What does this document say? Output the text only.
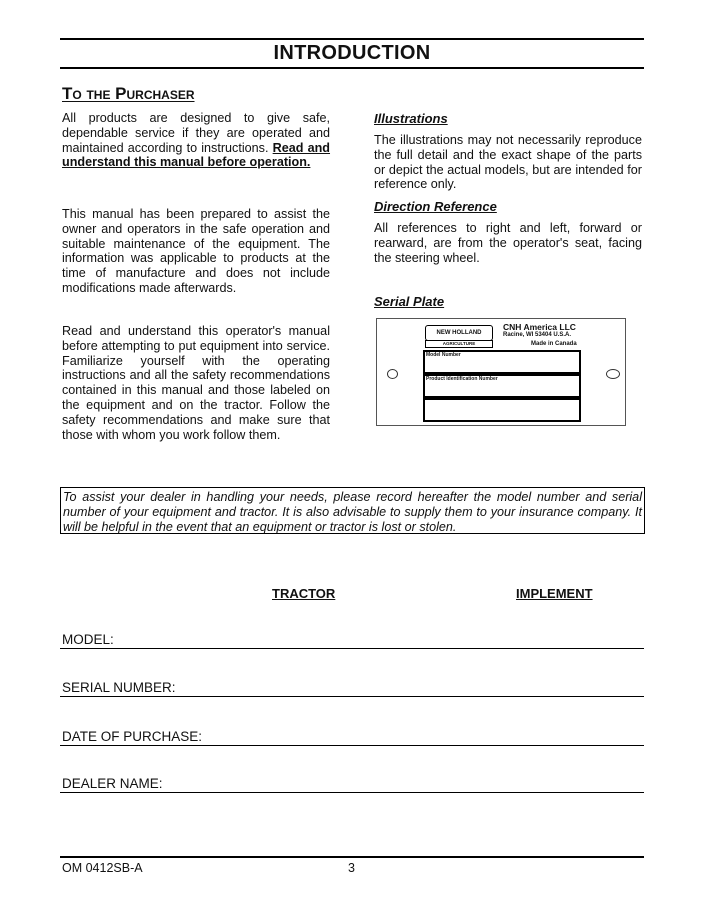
INTRODUCTION
To the Purchaser
All products are designed to give safe, dependable service if they are operated and maintained according to instructions. Read and understand this manual before operation.
This manual has been prepared to assist the owner and operators in the safe operation and suitable maintenance of the equipment. The information was applicable to products at the time of manufacture and does not include modifications made afterwards.
Read and understand this operator's manual before attempting to put equipment into service. Familiarize yourself with the operating instructions and all the safety recommendations contained in this manual and those labeled on the equipment and on the tractor. Follow the safety recommendations and make sure that those with whom you work follow them.
Illustrations
The illustrations may not necessarily reproduce the full detail and the exact shape of the parts or depict the actual models, but are intended for reference only.
Direction Reference
All references to right and left, forward or rearward, are from the operator's seat, facing the steering wheel.
Serial Plate
NEW HOLLAND
AGRICULTURE
CNH America LLC
Racine, WI 53404 U.S.A.
Made in Canada
Model Number
Product Identification Number
To assist your dealer in handling your needs, please record hereafter the model number and serial number of your equipment and tractor. It is also advisable to supply them to your insurance company. It will be helpful in the event that an equipment or tractor is lost or stolen.
TRACTOR	IMPLEMENT
MODEL:
SERIAL NUMBER:
DATE OF PURCHASE:
DEALER NAME:
OM 0412SB-A	3
